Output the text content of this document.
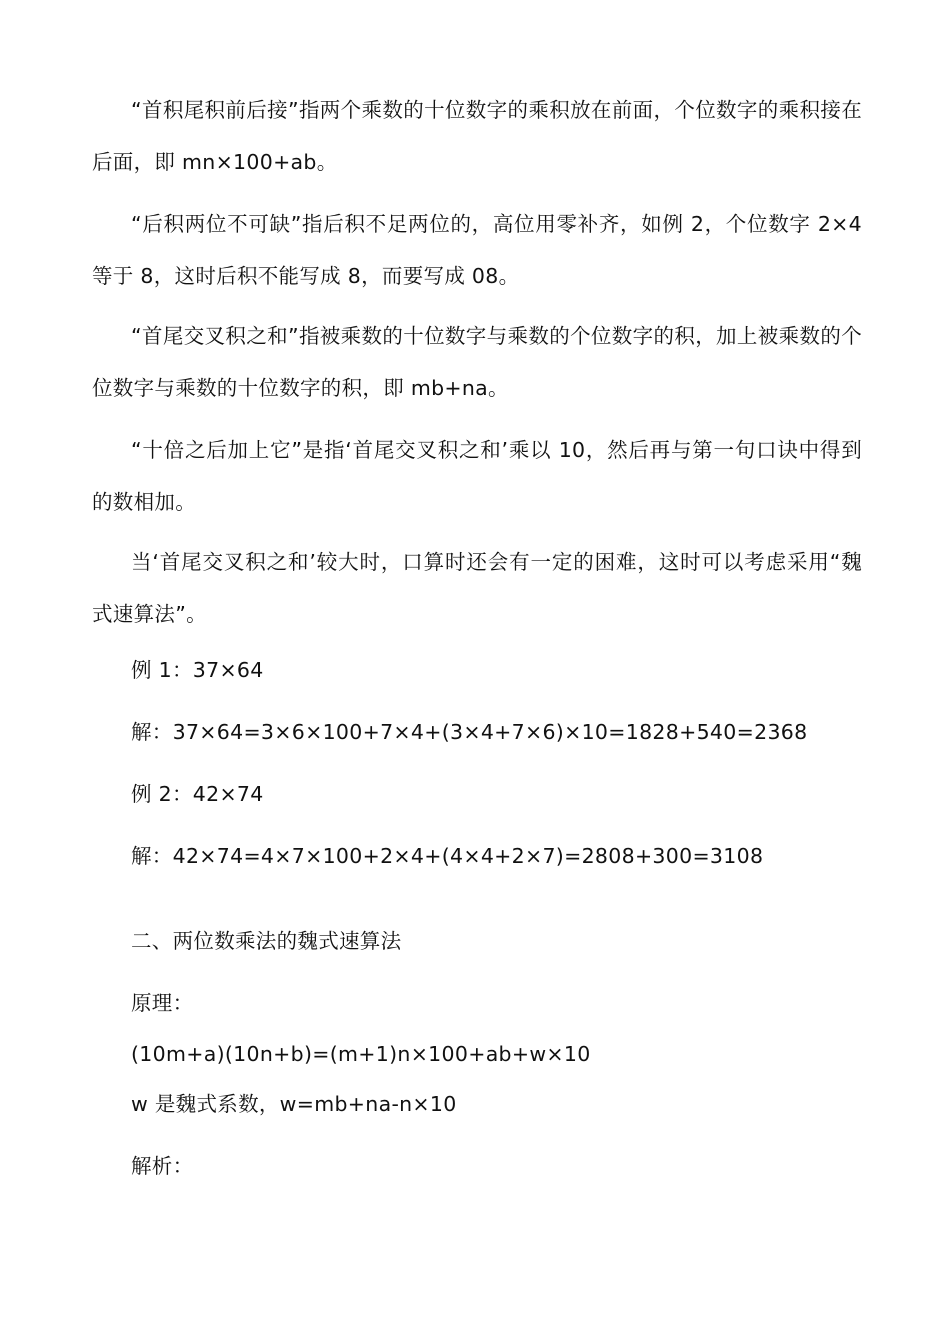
“首积尾积前后接”指两个乘数的十位数字的乘积放在前面，个位数字的乘积接在后面，即 mn×100+ab。

“后积两位不可缺”指后积不足两位的，高位用零补齐，如例 2，个位数字 2×4 等于 8，这时后积不能写成 8，而要写成 08。

“首尾交叉积之和”指被乘数的十位数字与乘数的个位数字的积，加上被乘数的个位数字与乘数的十位数字的积，即 mb+na。

“十倍之后加上它”是指‘首尾交叉积之和’乘以 10，然后再与第一句口诀中得到的数相加。

当‘首尾交叉积之和’较大时，口算时还会有一定的困难，这时可以考虑采用“魏式速算法”。

例 1：37×64

解：37×64=3×6×100+7×4+(3×4+7×6)×10=1828+540=2368

例 2：42×74

解：42×74=4×7×100+2×4+(4×4+2×7)=2808+300=3108

二、两位数乘法的魏式速算法

原理：

(10m+a)(10n+b)=(m+1)n×100+ab+w×10

w 是魏式系数，w=mb+na-n×10

解析：
